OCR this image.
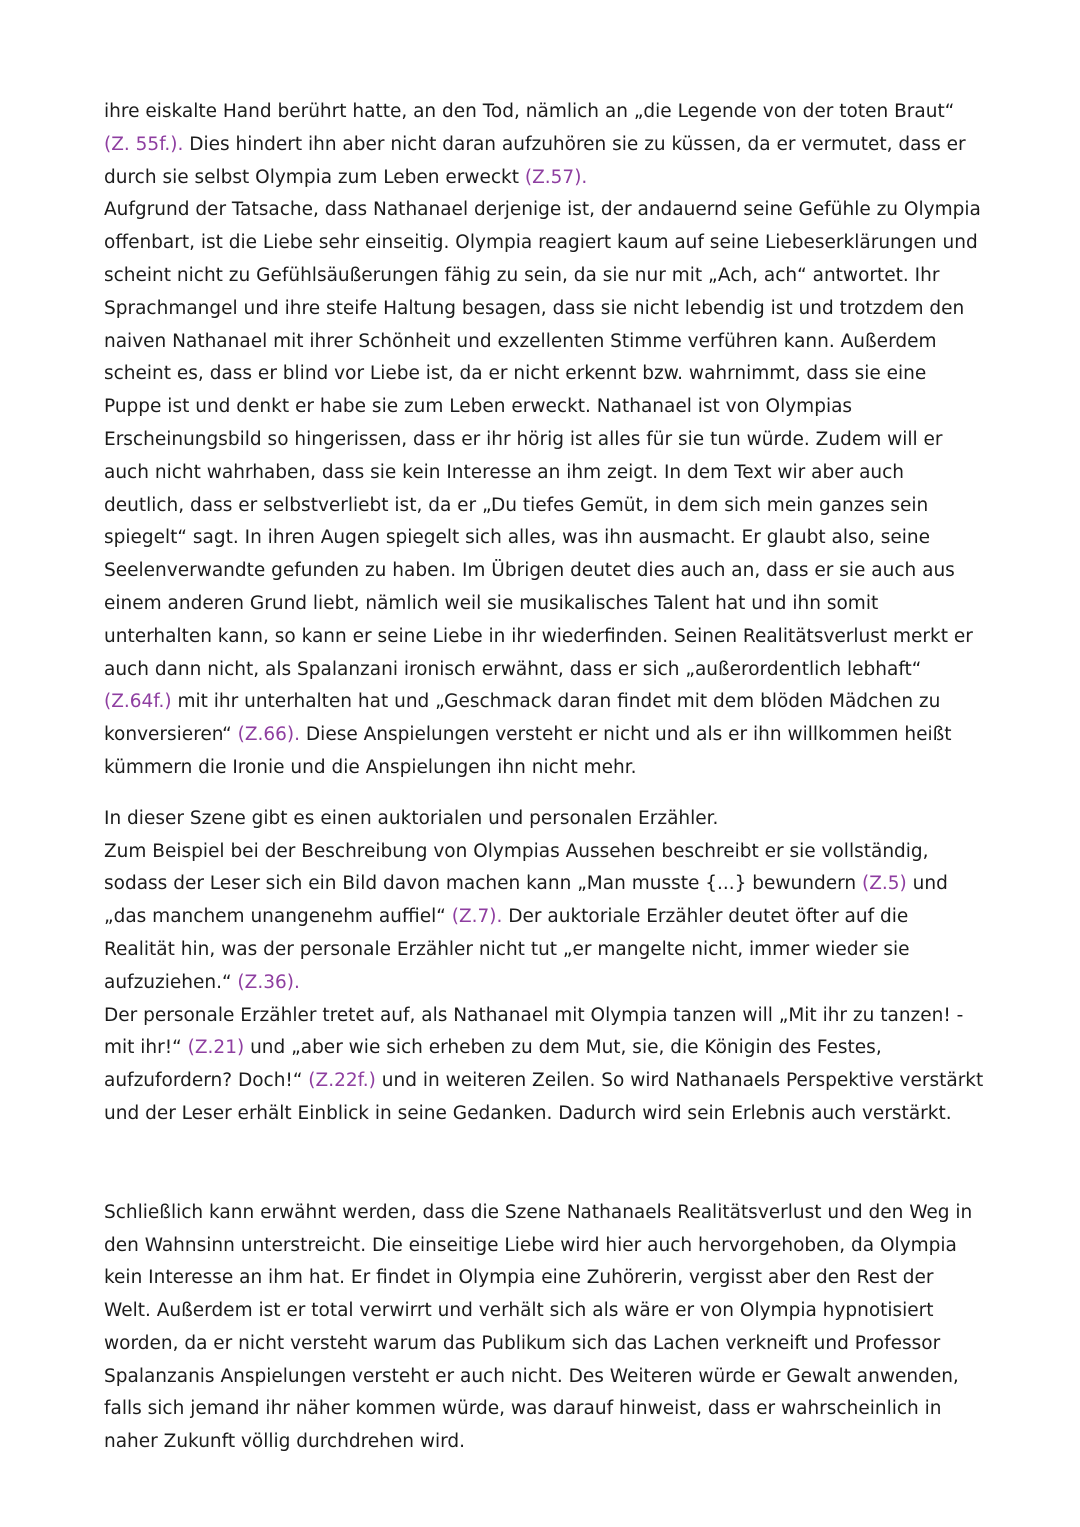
ihre eiskalte Hand berührt hatte, an den Tod, nämlich an „die Legende von der toten Braut“ (Z. 55f.). Dies hindert ihn aber nicht daran aufzuhören sie zu küssen, da er vermutet, dass er durch sie selbst Olympia zum Leben erweckt (Z.57).

Aufgrund der Tatsache, dass Nathanael derjenige ist, der andauernd seine Gefühle zu Olympia offenbart, ist die Liebe sehr einseitig. Olympia reagiert kaum auf seine Liebeserklärungen und scheint nicht zu Gefühlsäußerungen fähig zu sein, da sie nur mit „Ach, ach“ antwortet. Ihr Sprachmangel und ihre steife Haltung besagen, dass sie nicht lebendig ist und trotzdem den naiven Nathanael mit ihrer Schönheit und exzellenten Stimme verführen kann. Außerdem scheint es, dass er blind vor Liebe ist, da er nicht erkennt bzw. wahrnimmt, dass sie eine Puppe ist und denkt er habe sie zum Leben erweckt. Nathanael ist von Olympias Erscheinungsbild so hingerissen, dass er ihr hörig ist alles für sie tun würde. Zudem will er auch nicht wahrhaben, dass sie kein Interesse an ihm zeigt. In dem Text wir aber auch deutlich, dass er selbstverliebt ist, da er „Du tiefes Gemüt, in dem sich mein ganzes sein spiegelt“ sagt. In ihren Augen spiegelt sich alles, was ihn ausmacht. Er glaubt also, seine Seelenverwandte gefunden zu haben. Im Übrigen deutet dies auch an, dass er sie auch aus einem anderen Grund liebt, nämlich weil sie musikalisches Talent hat und ihn somit unterhalten kann, so kann er seine Liebe in ihr wiederfinden. Seinen Realitätsverlust merkt er auch dann nicht, als Spalanzani ironisch erwähnt, dass er sich „außerordentlich lebhaft“ (Z.64f.) mit ihr unterhalten hat und „Geschmack daran findet mit dem blöden Mädchen zu konversieren“ (Z.66). Diese Anspielungen versteht er nicht und als er ihn willkommen heißt kümmern die Ironie und die Anspielungen ihn nicht mehr.

In dieser Szene gibt es einen auktorialen und personalen Erzähler.

Zum Beispiel bei der Beschreibung von Olympias Aussehen beschreibt er sie vollständig, sodass der Leser sich ein Bild davon machen kann „Man musste {...} bewundern (Z.5) und „das manchem unangenehm auffiel“ (Z.7). Der auktoriale Erzähler deutet öfter auf die Realität hin, was der personale Erzähler nicht tut „er mangelte nicht, immer wieder sie aufzuziehen.“ (Z.36).

Der personale Erzähler tretet auf, als Nathanael mit Olympia tanzen will „Mit ihr zu tanzen! - mit ihr!“ (Z.21) und „aber wie sich erheben zu dem Mut, sie, die Königin des Festes, aufzufordern? Doch!“ (Z.22f.) und in weiteren Zeilen. So wird Nathanaels Perspektive verstärkt und der Leser erhält Einblick in seine Gedanken. Dadurch wird sein Erlebnis auch verstärkt.

Schließlich kann erwähnt werden, dass die Szene Nathanaels Realitätsverlust und den Weg in den Wahnsinn unterstreicht. Die einseitige Liebe wird hier auch hervorgehoben, da Olympia kein Interesse an ihm hat. Er findet in Olympia eine Zuhörerin, vergisst aber den Rest der Welt. Außerdem ist er total verwirrt und verhält sich als wäre er von Olympia hypnotisiert worden, da er nicht versteht warum das Publikum sich das Lachen verkneift und Professor Spalanzanis Anspielungen versteht er auch nicht. Des Weiteren würde er Gewalt anwenden, falls sich jemand ihr näher kommen würde, was darauf hinweist, dass er wahrscheinlich in naher Zukunft völlig durchdrehen wird.
